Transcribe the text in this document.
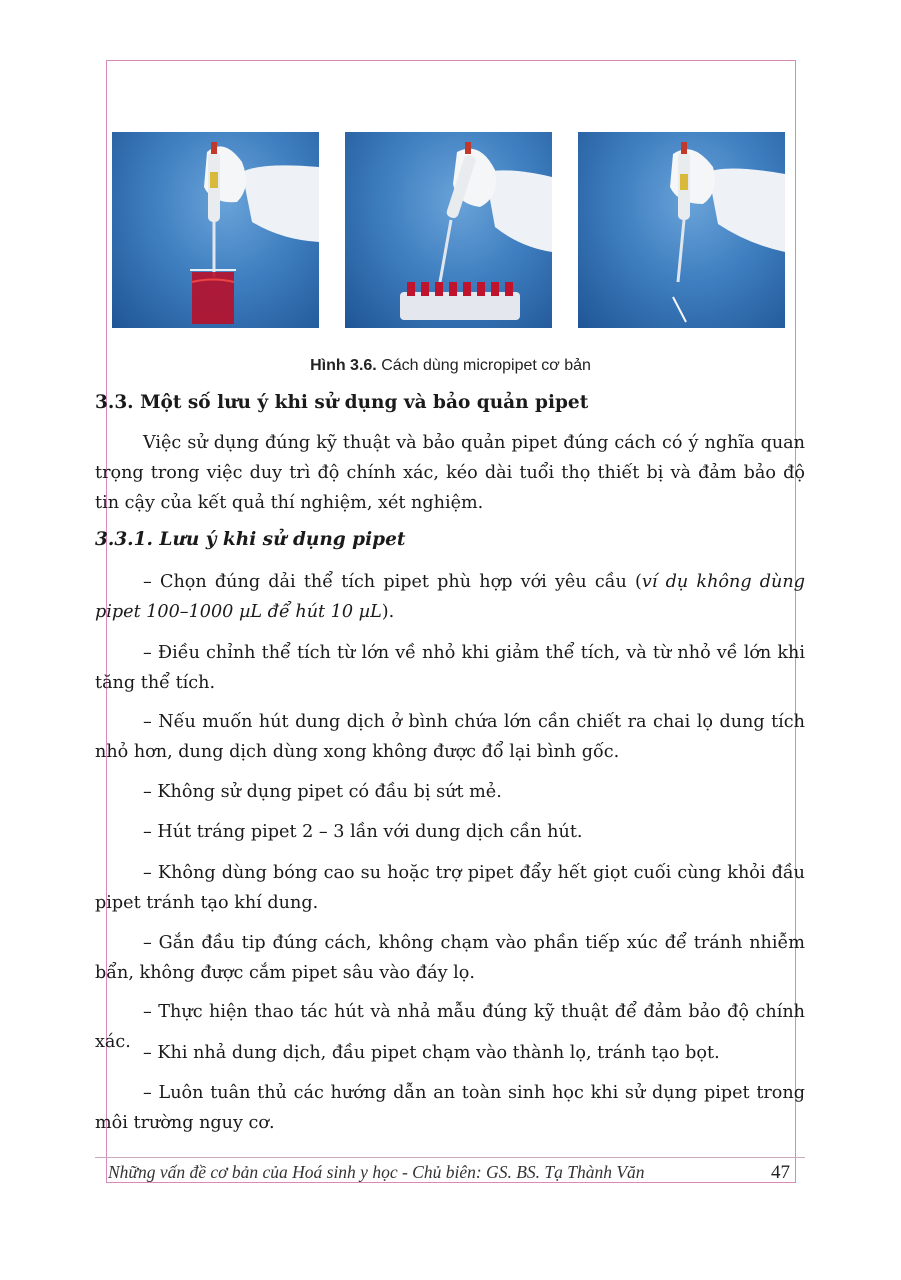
Hình 3.6. Cách dùng micropipet cơ bản
3.3. Một số lưu ý khi sử dụng và bảo quản pipet

Việc sử dụng đúng kỹ thuật và bảo quản pipet đúng cách có ý nghĩa quan trọng trong việc duy trì độ chính xác, kéo dài tuổi thọ thiết bị và đảm bảo độ tin cậy của kết quả thí nghiệm, xét nghiệm.

3.3.1. Lưu ý khi sử dụng pipet

– Chọn đúng dải thể tích pipet phù hợp với yêu cầu (ví dụ không dùng pipet 100–1000 µL để hút 10 µL).

– Điều chỉnh thể tích từ lớn về nhỏ khi giảm thể tích, và từ nhỏ về lớn khi tăng thể tích.

– Nếu muốn hút dung dịch ở bình chứa lớn cần chiết ra chai lọ dung tích nhỏ hơn, dung dịch dùng xong không được đổ lại bình gốc.

– Không sử dụng pipet có đầu bị sứt mẻ.

– Hút tráng pipet 2 – 3 lần với dung dịch cần hút.

– Không dùng bóng cao su hoặc trợ pipet đẩy hết giọt cuối cùng khỏi đầu pipet tránh tạo khí dung.

– Gắn đầu tip đúng cách, không chạm vào phần tiếp xúc để tránh nhiễm bẩn, không được cắm pipet sâu vào đáy lọ.

– Thực hiện thao tác hút và nhả mẫu đúng kỹ thuật để đảm bảo độ chính xác.

– Khi nhả dung dịch, đầu pipet chạm vào thành lọ, tránh tạo bọt.

– Luôn tuân thủ các hướng dẫn an toàn sinh học khi sử dụng pipet trong môi trường nguy cơ.

Những vấn đề cơ bản của Hoá sinh y học - Chủ biên: GS. BS. Tạ Thành Văn	47
